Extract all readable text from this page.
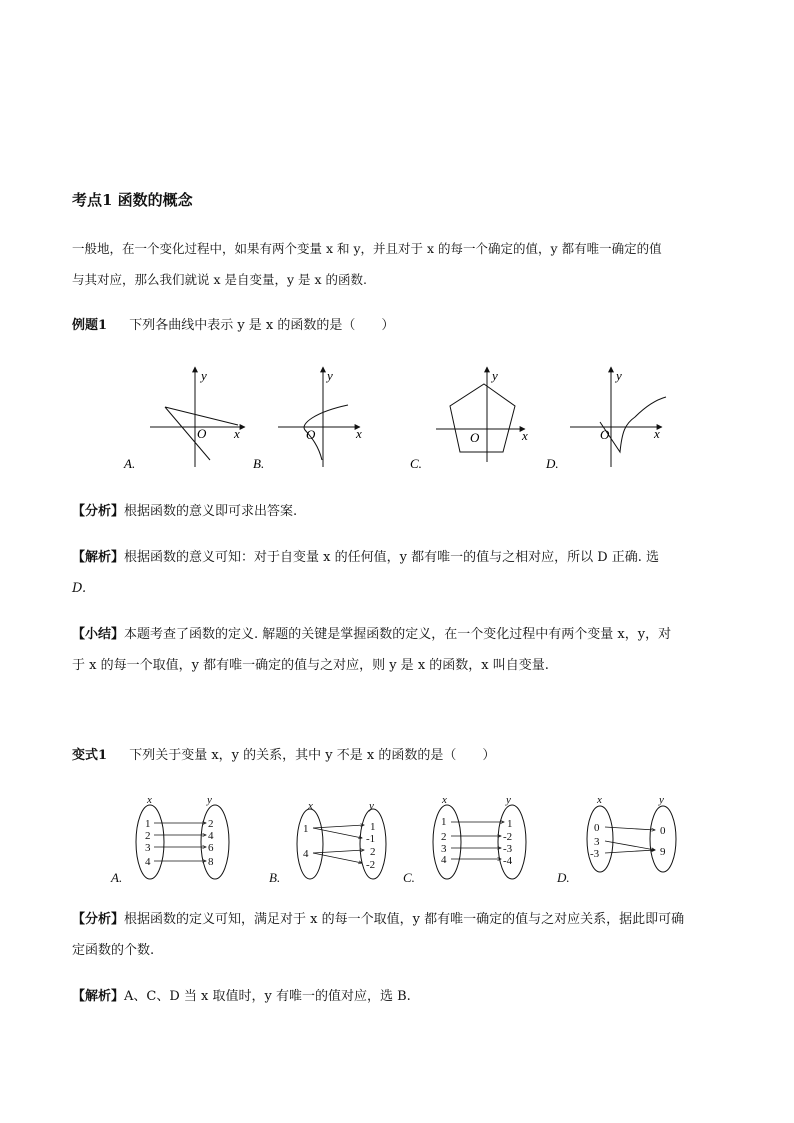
考点1 函数的概念
一般地，在一个变化过程中，如果有两个变量 x 和 y，并且对于 x 的每一个确定的值，y 都有唯一确定的值
与其对应，那么我们就说 x 是自变量，y 是 x 的函数.
例题1 下列各曲线中表示 y 是 x 的函数的是（　　）
y
x
O
A.
y
x
O
B.
y
x
O
C.
y
x
O
D.
【分析】根据函数的意义即可求出答案.
【解析】根据函数的意义可知：对于自变量 x 的任何值，y 都有唯一的值与之相对应，所以 D 正确. 选
D.
【小结】本题考查了函数的定义. 解题的关键是掌握函数的定义，在一个变化过程中有两个变量 x，y，对
于 x 的每一个取值，y 都有唯一确定的值与之对应，则 y 是 x 的函数，x 叫自变量.
变式1 下列关于变量 x，y 的关系，其中 y 不是 x 的函数的是（　　）
x	y
1
2
3
4
2
4
6
8
A.
x	y
1
4
1
-1
2
-2
B.
x	y
1
2
3
4
1
-2
-3
-4
C.
x	y
0
3
-3
0
9
D.
【分析】根据函数的定义可知，满足对于 x 的每一个取值，y 都有唯一确定的值与之对应关系，据此即可确
定函数的个数.
【解析】A、C、D 当 x 取值时，y 有唯一的值对应，选 B.
